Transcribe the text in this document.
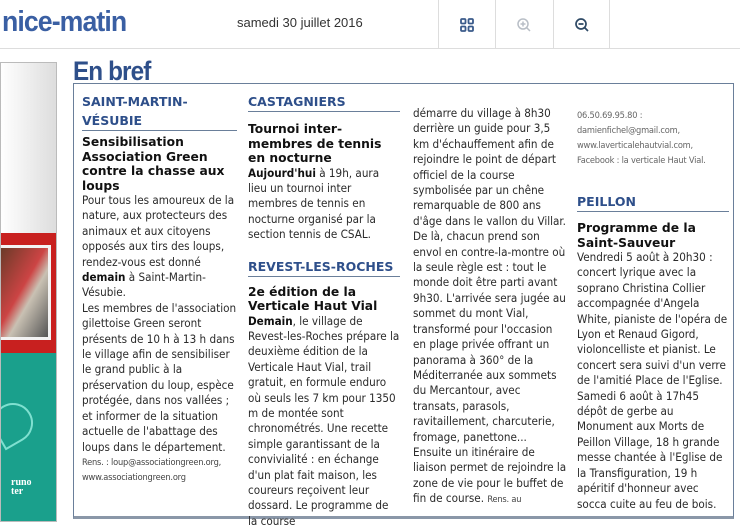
nice-matin	samedi 30 juillet 2016
runo
ter
En bref
SAINT-MARTIN-VÉSUBIE
Sensibilisation Association Green contre la chasse aux loups
Pour tous les amoureux de la nature, aux protecteurs des animaux et aux citoyens opposés aux tirs des loups, rendez-vous est donné demain à Saint-Martin-Vésubie.
Les membres de l'association gilettoise Green seront présents de 10 h à 13 h dans le village afin de sensibiliser le grand public à la préservation du loup, espèce protégée, dans nos vallées ; et informer de la situation actuelle de l'abattage des loups dans le département.
Rens. : loup@associationgreen.org, www.associationgreen.org
CASTAGNIERS
Tournoi inter-membres de tennis en nocturne
Aujourd'hui à 19h, aura lieu un tournoi inter membres de tennis en nocturne organisé par la section tennis de CSAL.
REVEST-LES-ROCHES
2e édition de la Verticale Haut Vial
Demain, le village de Revest-les-Roches prépare la deuxième édition de la Verticale Haut Vial, trail gratuit, en formule enduro où seuls les 7 km pour 1350 m de montée sont chronométrés. Une recette simple garantissant de la convivialité : en échange d'un plat fait maison, les coureurs reçoivent leur dossard. Le programme de la course
démarre du village à 8h30 derrière un guide pour 3,5 km d'échauffement afin de rejoindre le point de départ officiel de la course symbolisée par un chêne remarquable de 800 ans d'âge dans le vallon du Villar. De là, chacun prend son envol en contre-la-montre où la seule règle est : tout le monde doit être parti avant 9h30. L'arrivée sera jugée au sommet du mont Vial, transformé pour l'occasion en plage privée offrant un panorama à 360° de la Méditerranée aux sommets du Mercantour, avec transats, parasols, ravitaillement, charcuterie, fromage, panettone... Ensuite un itinéraire de liaison permet de rejoindre la zone de vie pour le buffet de fin de course. Rens. au
06.50.69.95.80 : damienfichel@gmail.com, www.laverticalehautvial.com, Facebook : la verticale Haut Vial.
PEILLON
Programme de la Saint-Sauveur
Vendredi 5 août à 20h30 : concert lyrique avec la soprano Christina Collier accompagnée d'Angela White, pianiste de l'opéra de Lyon et Renaud Gigord, violoncelliste et pianist. Le concert sera suivi d'un verre de l'amitié Place de l'Eglise. Samedi 6 août à 17h45 dépôt de gerbe au Monument aux Morts de Peillon Village, 18 h grande messe chantée à l'Eglise de la Transfiguration, 19 h apéritif d'honneur avec socca cuite au feu de bois.
